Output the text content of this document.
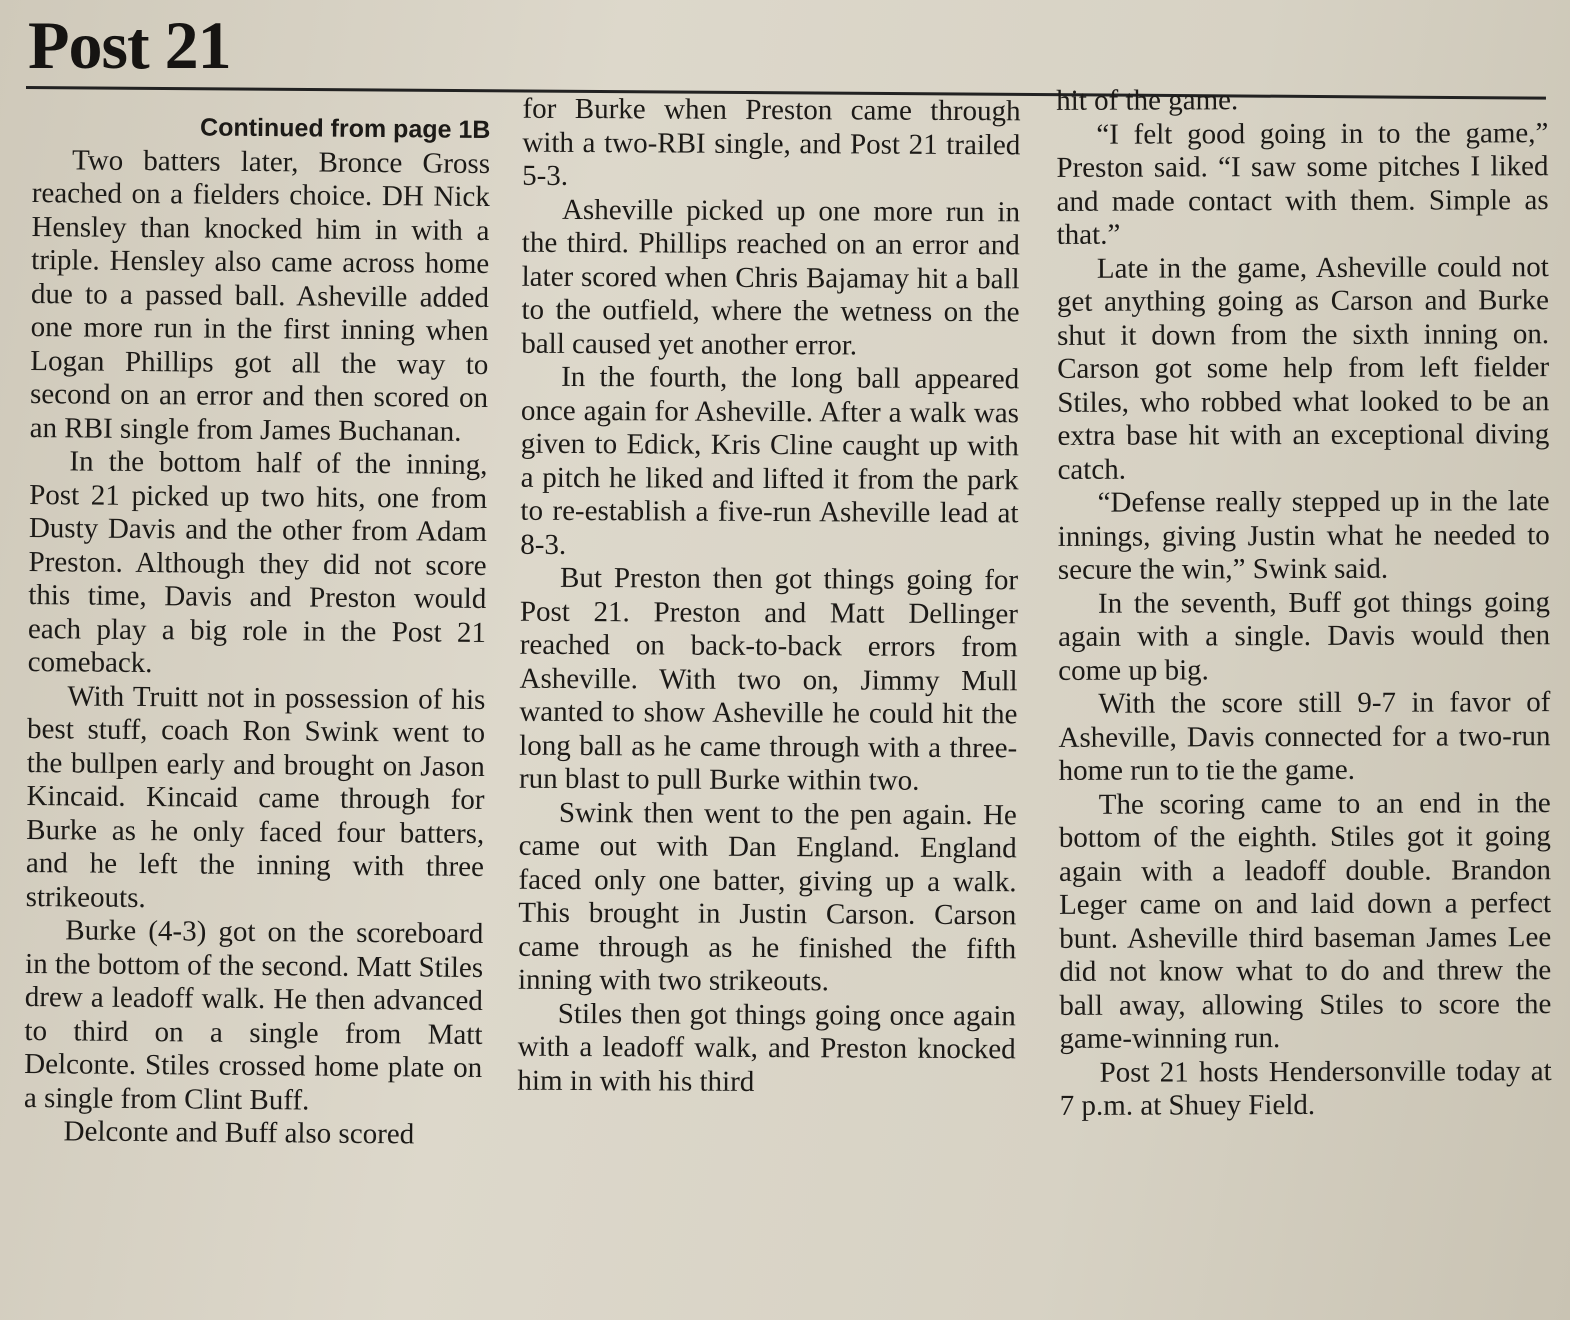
Post 21

Continued from page 1B

Two batters later, Bronce Gross reached on a fielders choice. DH Nick Hensley than knocked him in with a triple. Hensley also came across home due to a passed ball. Asheville added one more run in the first inning when Logan Phillips got all the way to second on an error and then scored on an RBI single from James Buchanan.

In the bottom half of the inning, Post 21 picked up two hits, one from Dusty Davis and the other from Adam Preston. Although they did not score this time, Davis and Preston would each play a big role in the Post 21 comeback.

With Truitt not in possession of his best stuff, coach Ron Swink went to the bullpen early and brought on Jason Kincaid. Kincaid came through for Burke as he only faced four batters, and he left the inning with three strikeouts.

Burke (4-3) got on the scoreboard in the bottom of the second. Matt Stiles drew a leadoff walk. He then advanced to third on a single from Matt Delconte. Stiles crossed home plate on a single from Clint Buff.

Delconte and Buff also scored

for Burke when Preston came through with a two-RBI single, and Post 21 trailed 5-3.

Asheville picked up one more run in the third. Phillips reached on an error and later scored when Chris Bajamay hit a ball to the outfield, where the wetness on the ball caused yet another error.

In the fourth, the long ball appeared once again for Asheville. After a walk was given to Edick, Kris Cline caught up with a pitch he liked and lifted it from the park to re-establish a five-run Asheville lead at 8-3.

But Preston then got things going for Post 21. Preston and Matt Dellinger reached on back-to-back errors from Asheville. With two on, Jimmy Mull wanted to show Asheville he could hit the long ball as he came through with a three-run blast to pull Burke within two.

Swink then went to the pen again. He came out with Dan England. England faced only one batter, giving up a walk. This brought in Justin Carson. Carson came through as he finished the fifth inning with two strikeouts.

Stiles then got things going once again with a leadoff walk, and Preston knocked him in with his third

hit of the game.

“I felt good going in to the game,” Preston said. “I saw some pitches I liked and made contact with them. Simple as that.”

Late in the game, Asheville could not get anything going as Carson and Burke shut it down from the sixth inning on. Carson got some help from left fielder Stiles, who robbed what looked to be an extra base hit with an exceptional diving catch.

“Defense really stepped up in the late innings, giving Justin what he needed to secure the win,” Swink said.

In the seventh, Buff got things going again with a single. Davis would then come up big.

With the score still 9-7 in favor of Asheville, Davis connected for a two-run home run to tie the game.

The scoring came to an end in the bottom of the eighth. Stiles got it going again with a leadoff double. Brandon Leger came on and laid down a perfect bunt. Asheville third baseman James Lee did not know what to do and threw the ball away, allowing Stiles to score the game-winning run.

Post 21 hosts Hendersonville today at 7 p.m. at Shuey Field.
